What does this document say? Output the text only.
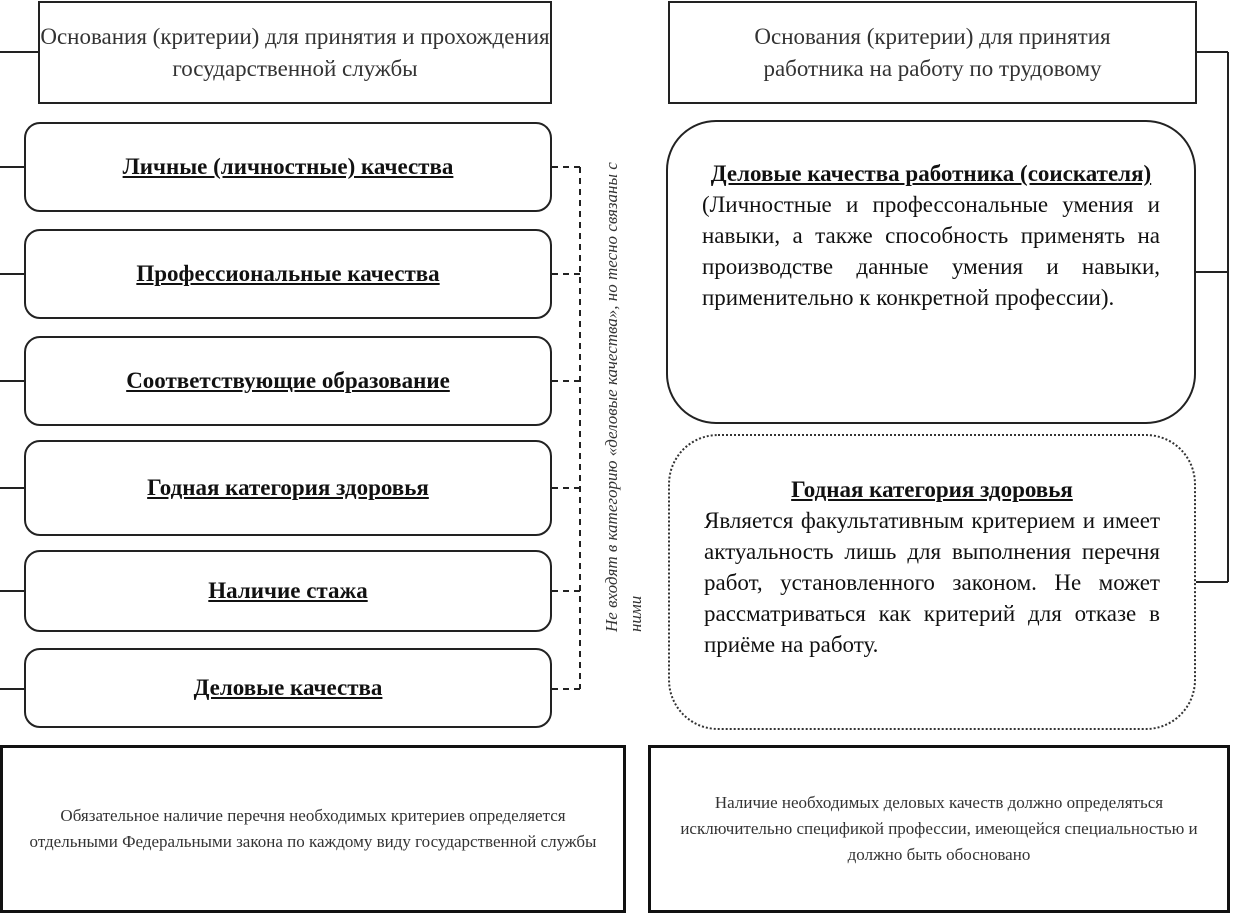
Основания (критерии) для принятия и прохождения государственной службы
Основания (критерии) для принятия работника на работу по трудовому
Личные (личностные) качества
Профессиональные качества
Соответствующие образование
Годная категория здоровья
Наличие стажа
Деловые качества
Не входят в категорию «деловые качества», но тесно связаны с ними
Деловые качества работника (соискателя)
(Личностные и профессональные умения и навыки, а также способность применять на производстве данные умения и навыки, применительно к конкретной профессии).
Годная категория здоровья
Является факультативным критерием и имеет актуальность лишь для выполнения перечня работ, установленного законом. Не может рассматриваться как критерий для отказе в приёме на работу.
Обязательное наличие перечня необходимых критериев определяется отдельными Федеральными закона по каждому виду государственной службы
Наличие необходимых деловых качеств должно определяться исключительно спецификой профессии, имеющейся специальностью и должно быть обосновано
